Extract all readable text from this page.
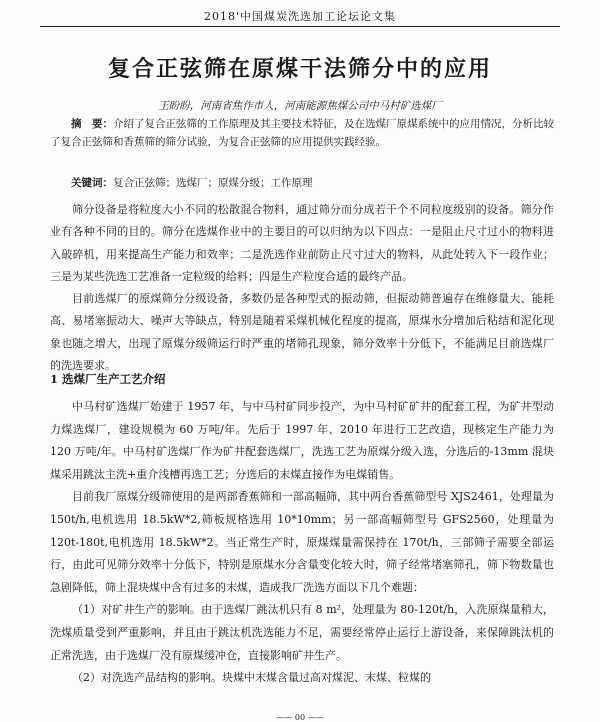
2018'中国煤炭洗选加工论坛论文集
复合正弦筛在原煤干法筛分中的应用
王盼盼，河南省焦作市人，河南能源焦煤公司中马村矿选煤厂
摘　要：介绍了复合正弦筛的工作原理及其主要技术特征，及在选煤厂原煤系统中的应用情况，分析比较了复合正弦筛和香蕉筛的筛分试验，为复合正弦筛的应用提供实践经验。
关键词：复合正弦筛；选煤厂；原煤分级；工作原理

筛分设备是将粒度大小不同的松散混合物料，通过筛分而分成若干个不同粒度级别的设备。筛分作业有各种不同的目的。筛分在选煤作业中的主要目的可以归纳为以下四点：一是阻止尺寸过小的物料进入破碎机，用来提高生产能力和效率；二是洗选作业前防止尺寸过大的物料，从此处转入下一段作业；三是为某些洗选工艺准备一定粒级的给料；四是生产粒度合适的最终产品。

目前选煤厂的原煤筛分分级设备，多数仍是各种型式的振动筛，但振动筛普遍存在维修量大、能耗高、易堵塞振动大、噪声大等缺点，特别是随着采煤机械化程度的提高，原煤水分增加后粘结和泥化现象也随之增大，出现了原煤分级筛运行时严重的堵筛孔现象，筛分效率十分低下，不能满足目前选煤厂的洗选要求。

1 选煤厂生产工艺介绍

中马村矿选煤厂始建于 1957 年，与中马村矿同步投产，为中马村矿矿井的配套工程，为矿井型动力煤选煤厂，建设规模为 60 万吨/年。先后于 1997 年、2010 年进行工艺改造，现核定生产能力为 120 万吨/年。中马村矿选煤厂作为矿井配套选煤厂，洗选工艺为原煤分级入选，分选后的-13mm 混块煤采用跳汰主洗+重介浅槽再选工艺；分选后的末煤直接作为电煤销售。

目前我厂原煤分级筛使用的是两部香蕉筛和一部高幅筛，其中两台香蕉筛型号 XJS2461，处理量为 150t/h,电机选用 18.5kW*2,筛板规格选用 10*10mm；另一部高幅筛型号 GFS2560，处理量为120t-180t,电机选用 18.5kW*2。当正常生产时，原煤煤量需保持在 170t/h，三部筛子需要全部运行，由此可见筛分效率十分低下，特别是原煤水分含量变化较大时，筛子经常堵塞筛孔，筛下物数量也急剧降低，筛上混块煤中含有过多的末煤，造成我厂洗选方面以下几个难题：

（1）对矿井生产的影响。由于选煤厂跳汰机只有 8 m²，处理量为 80-120t/h，入洗原煤量稍大，洗煤质量受到严重影响，并且由于跳汰机洗选能力不足，需要经常停止运行上游设备，来保障跳汰机的正常洗选，由于选煤厂没有原煤缓冲仓，直接影响矿井生产。

（2）对洗选产品结构的影响。块煤中末煤含量过高对煤泥、末煤、粒煤的

—— 00 ——
